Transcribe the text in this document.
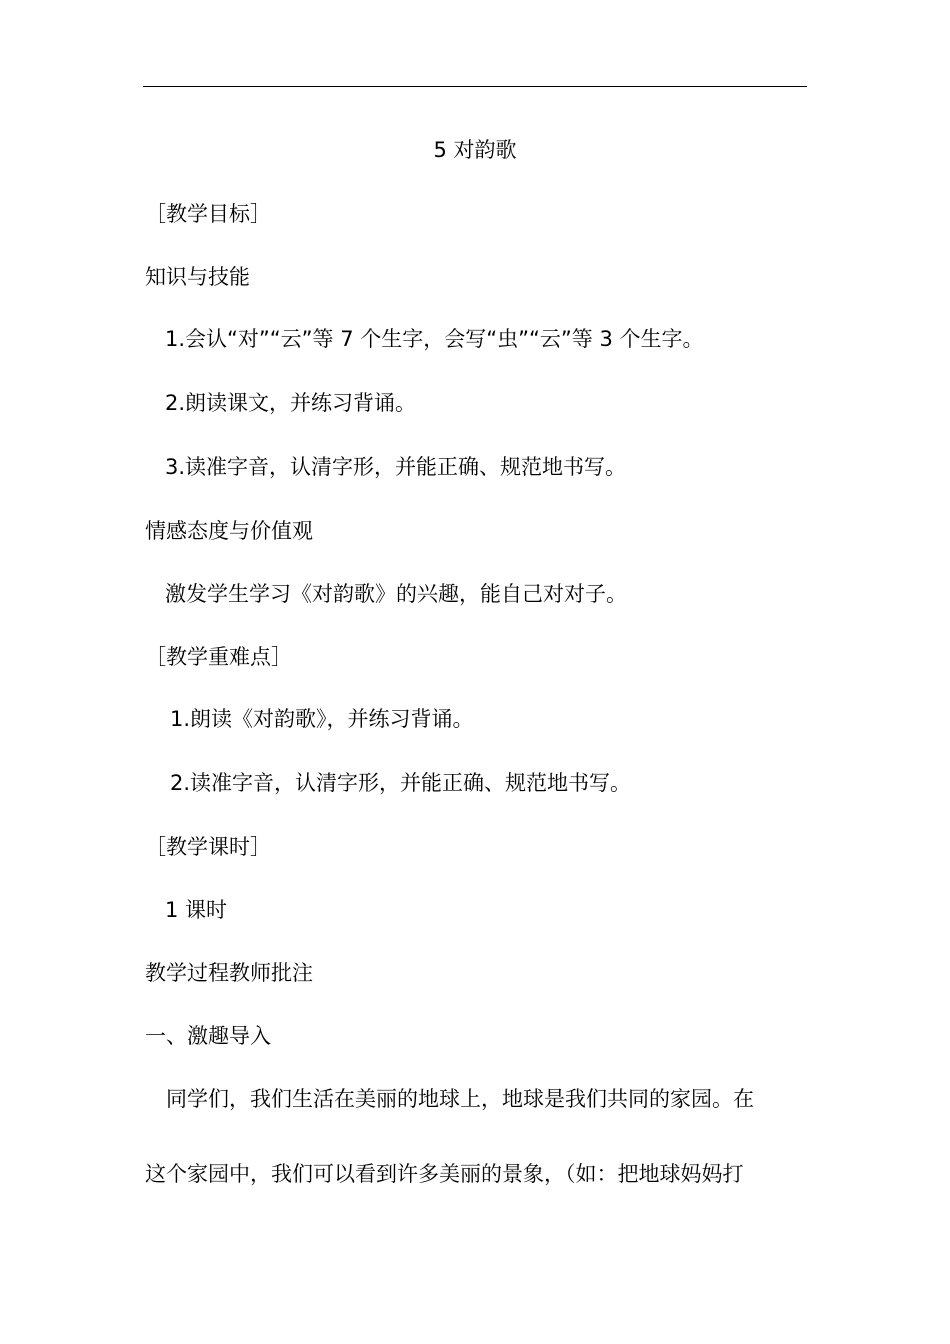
5 对韵歌
［教学目标］
知识与技能
1.会认“对”“云”等 7 个生字，会写“虫”“云”等 3 个生字。
2.朗读课文，并练习背诵。
3.读准字音，认清字形，并能正确、规范地书写。
情感态度与价值观
激发学生学习《对韵歌》的兴趣，能自己对对子。
［教学重难点］
1.朗读《对韵歌》，并练习背诵。
2.读准字音，认清字形，并能正确、规范地书写。
［教学课时］
1 课时
教学过程教师批注
一、激趣导入
同学们，我们生活在美丽的地球上，地球是我们共同的家园。在
这个家园中，我们可以看到许多美丽的景象，（如：把地球妈妈打
